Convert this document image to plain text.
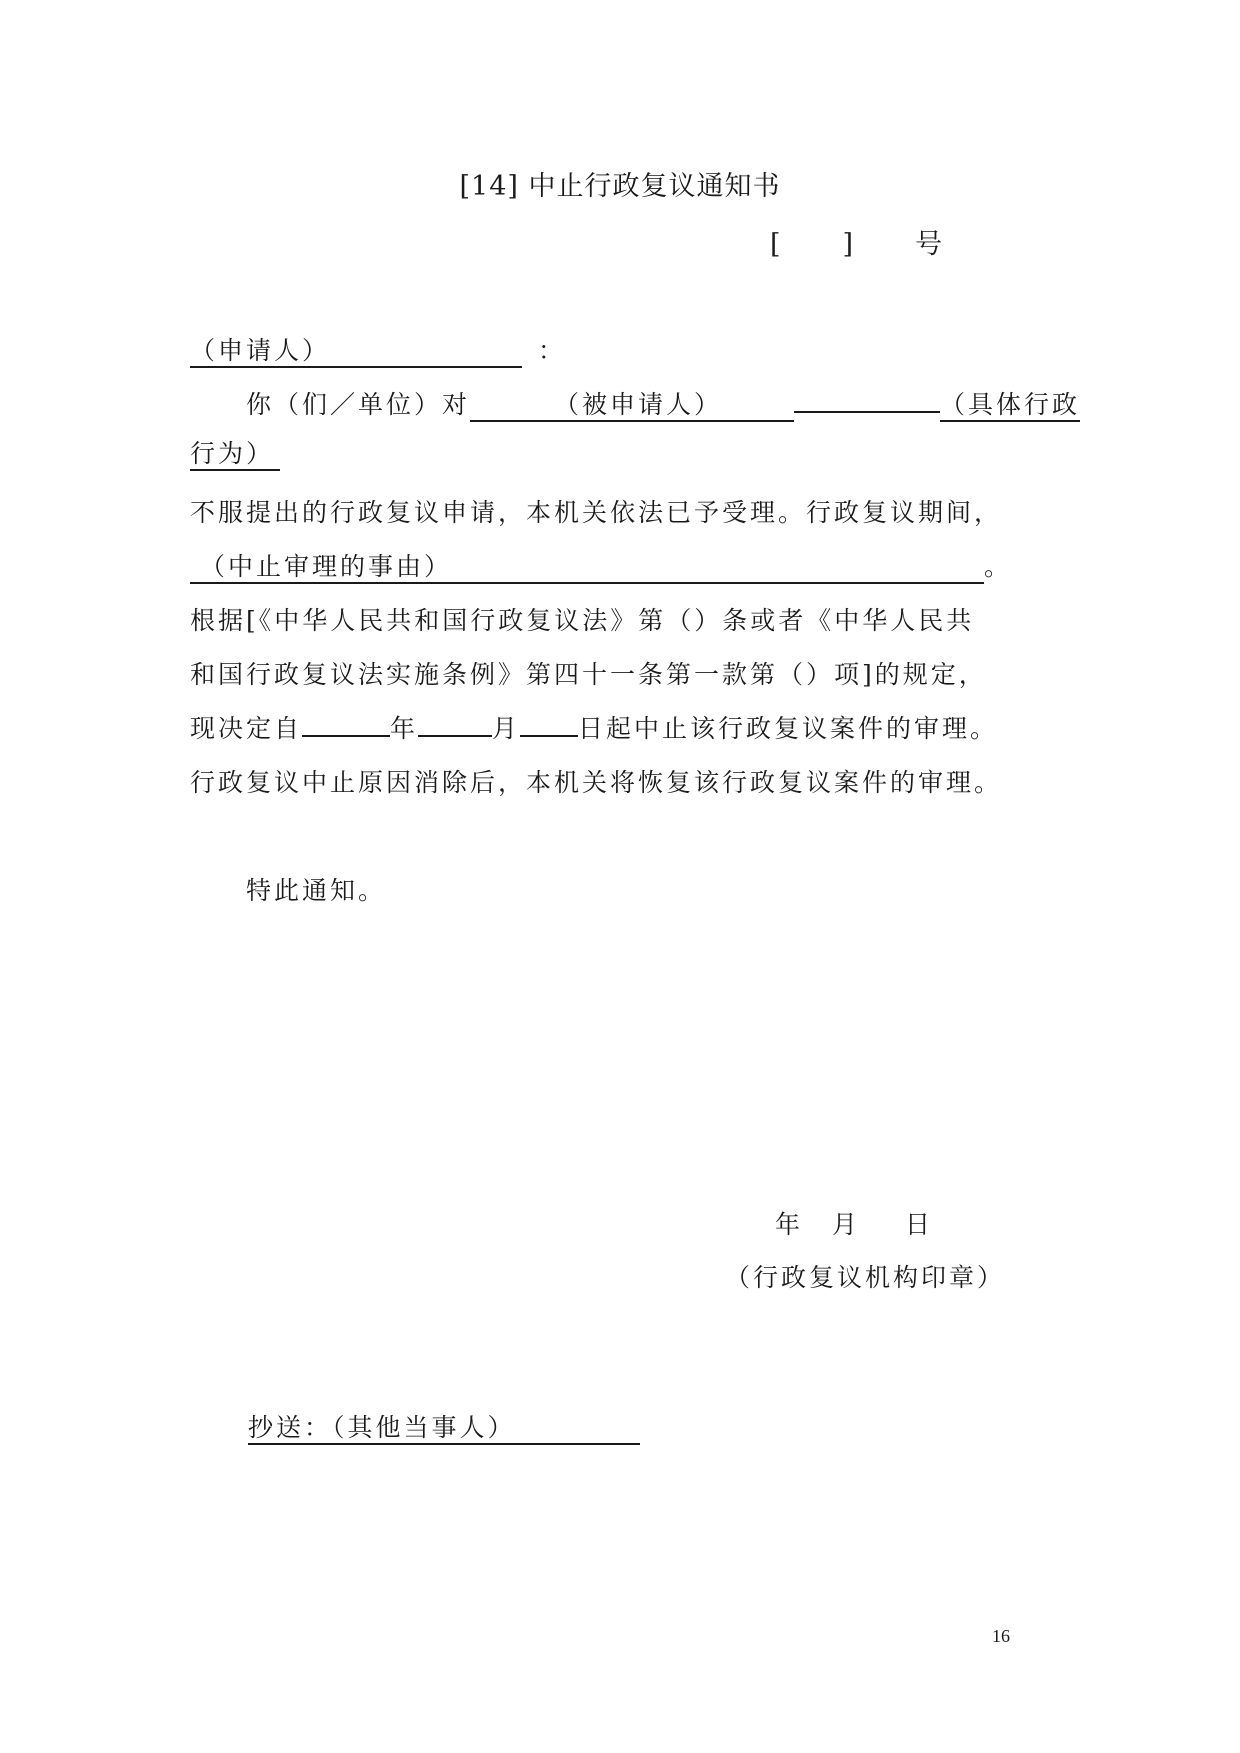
[14] 中止行政复议通知书
[ ] 号
（申请人）	：
你（们／单位）对	（被申请人）	（具体行政
行为）
不服提出的行政复议申请，本机关依法已予受理。行政复议期间，
（中止审理的事由）	。
根据[《中华人民共和国行政复议法》第（）条或者《中华人民共
和国行政复议法实施条例》第四十一条第一款第（）项]的规定，
现决定自	年	月 日起中止该行政复议案件的审理。
行政复议中止原因消除后，本机关将恢复该行政复议案件的审理。
特此通知。
年 月 日
（行政复议机构印章）
抄送：（其他当事人）
16
